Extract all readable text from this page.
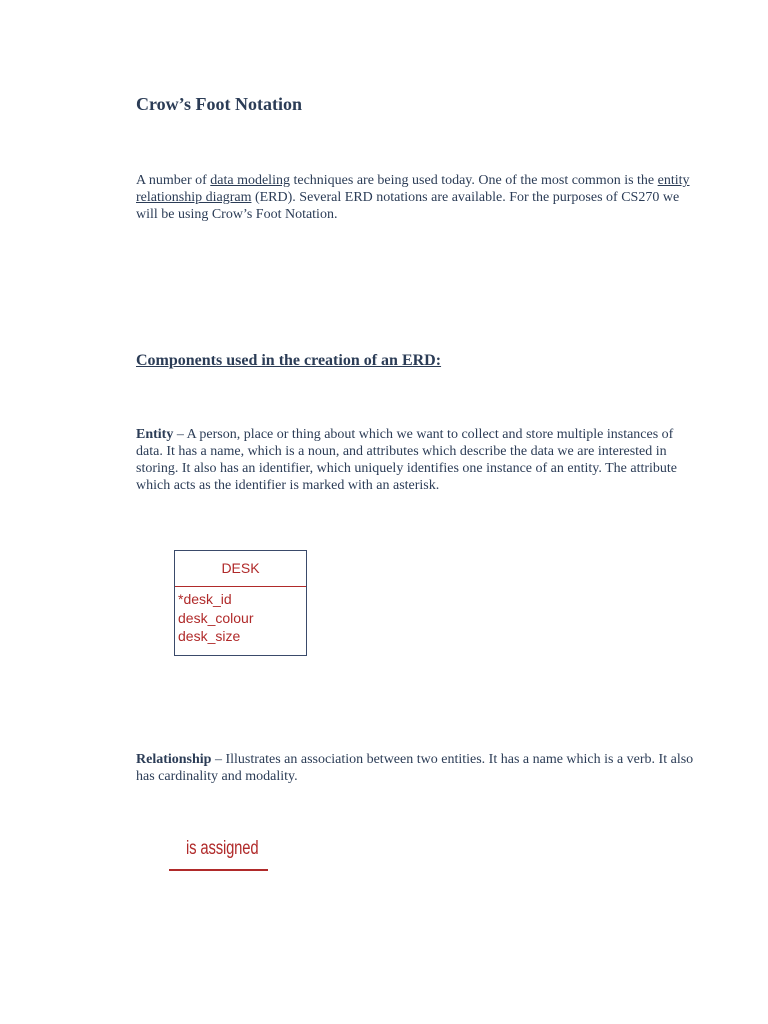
Crow’s Foot Notation

A number of data modeling techniques are being used today. One of the most common is the entity relationship diagram (ERD). Several ERD notations are available. For the purposes of CS270 we will be using Crow’s Foot Notation.

Components used in the creation of an ERD:

Entity – A person, place or thing about which we want to collect and store multiple instances of data. It has a name, which is a noun, and attributes which describe the data we are interested in storing. It also has an identifier, which uniquely identifies one instance of an entity. The attribute which acts as the identifier is marked with an asterisk.

DESK
*desk_id
desk_colour
desk_size

Relationship – Illustrates an association between two entities. It has a name which is a verb. It also has cardinality and modality.

is assigned
